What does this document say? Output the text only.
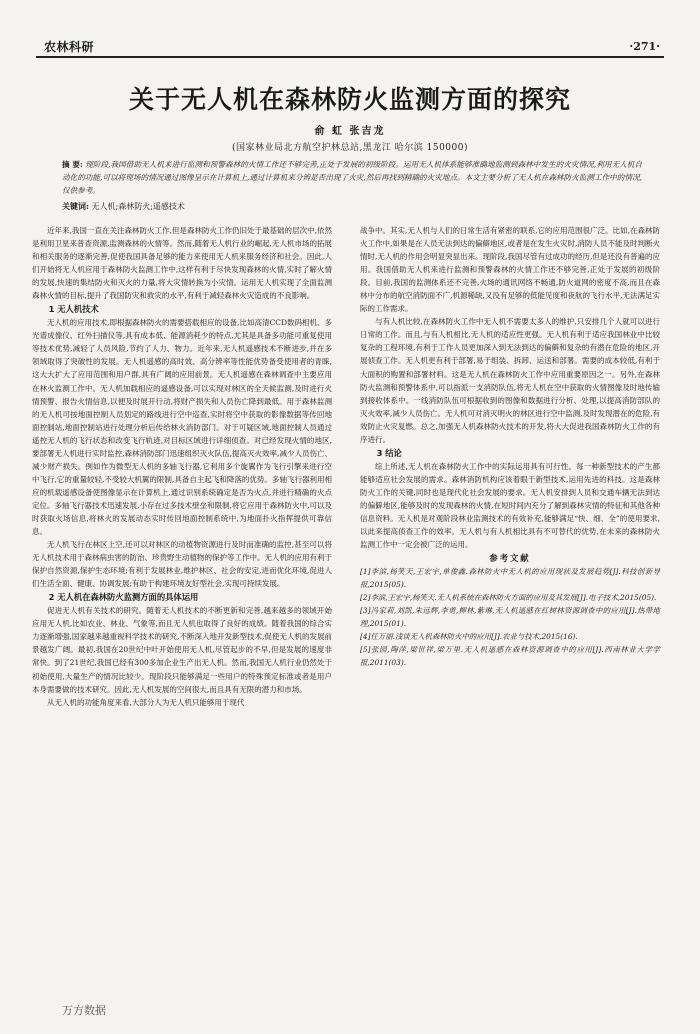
农林科研	·271·
关于无人机在森林防火监测方面的探究
俞 虹 张吉龙
(国家林业局北方航空护林总站,黑龙江 哈尔滨 150000)
摘 要: 现阶段,我国借助无人机来进行监测和预警森林的火情工作还不够完善,正处于发展的初级阶段。运用无人机体系能够准确地监测到森林中发生的火灾情况,利用无人机自动化的功能,可以将现场的情况通过图像呈示在计算机上,通过计算机来分辨是否出现了火灾,然后再找到精确的火灾地点。本文主要分析了无人机在森林防火监测工作中的情况,仅供参考。
关键词: 无人机;森林防火;遥感技术

近年来,我国一直在关注森林防火工作,但是森林防火工作仍旧处于最基础的层次中,依然是利用卫星来普查资源,监测森林的火情等。然而,随着无人机行业的崛起,无人机市场的拓展和相关服务的逐渐完善,促使我国具备足够的能力来使用无人机来服务经济和社会。因此,人们开始将无人机应用于森林防火监测工作中,这样有利于尽快发现森林的火情,实时了解火情的发展,快速的集结防火和灭火的力量,将大灾情转换为小灾情。运用无人机实现了全面监测森林火情的目标,提升了我国防灾和救灾的水平,有利于减轻森林火灾造成的不良影响。

1 无人机技术

无人机的应用技术,即根据森林防火的需要搭载相应的设备,比如高清CCD数码相机、多光谱成像仪、红外扫描仪等,具有成本低、能源消耗少的特点,尤其是具备多功能可重复使用等技术优势,减轻了人员风险,节约了人力、物力。近年来,无人机遥感技术不断进步,并在多领域取得了突破性的发展。无人机遥感的高时效、高分辨率等性能优势备受使用者的青睐,这大大扩大了应用范围和用户群,具有广阔的应用前景。无人机遥感在森林调查中主要应用在林火监测工作中。无人机加载相应的遥感设备,可以实现对林区的全天候监测,及时进行火情预警、报告火情信息,以便及时展开行动,将财产损失和人员伤亡降到最低。用于森林监测的无人机可按地面控制人员划定的路线进行空中巡查,实时将空中获取的影像数据等传回地面控制站,地面控制站进行处理分析后传给林火消防部门。对于可疑区域,地面控制人员通过遥控无人机的飞行状态和改变飞行轨迹,对目标区域进行详细侦查。对已经发现火情的地区,要部署无人机进行实时监控,森林消防部门迅速组织灭火队伍,提高灭火效率,减少人员伤亡、减少财产损失。例如作为微型无人机的多轴飞行器,它利用多个旋翼作为飞行引擎来进行空中飞行,它的重量较轻,不受较大机翼的限制,具备自主起飞和降落的优势。多轴飞行器利用相应的机载遥感设备使图像显示在计算机上,通过识别系统确定是否为火点,并进行精确的火点定位。多轴飞行器技术迅速发展,小存在过多技术壁垒和限制,将它应用于森林防火中,可以及时获取火场信息,将林火的发展动态实时传回地面控制系统中,为地面扑火指挥提供可靠信息。

无人机飞行在林区上空,还可以对林区的动植物资源进行及时而准确的监控,甚至可以将无人机技术用于森林病虫害的防治、珍贵野生动植物的保护等工作中。无人机的应用有利于保护自然资源,保护生态环境;有利于发展林业,维护林区、社会的安定,进而优化环境,促进人们生活全面、健康、协调发展;有助于构建环境友好型社会,实现可持续发展。

2 无人机在森林防火监测方面的具体运用

促进无人机有关技术的研究。随着无人机技术的不断更新和完善,越来越多的领域开始应用无人机,比如农业、林业、气象等,而且无人机也取得了良好的成绩。随着我国的综合实力逐渐增强,国家越来越重视科学技术的研究,不断深入地开发新型技术,促使无人机的发展前景越发广阔。最初,我国在20世纪中叶开始使用无人机,尽管起步的不早,但是发展的速度非常快。到了21世纪,我国已经有300多加企业生产出无人机。然而,我国无人机行业仍然处于初始使用,大量生产的情况比较少。现阶段只能够满足一些用户的特殊预定标准或者是用户本身需要做的技术研究。因此,无人机发展的空间很大,而且具有无限的潜力和市场。

从无人机的功能角度来看,大部分人为无人机只能够用于现代

战争中。其实,无人机与人们的日常生活有紧密的联系,它的应用范围很广泛。比如,在森林防火工作中,如果是在人员无法到达的偏僻地区,或者是在发生火灾时,消防人员不能及时判断火情时,无人机的作用会明显突显出来。现阶段,我国尽管有过成功的经历,但是还没有普遍的应用。我国借助无人机来进行监测和预警森林的火情工作还不够完善,正处于发展的初级阶段。目前,我国的监测体系还不完善,火场的通讯网络不畅通,防火道网的密度不高,而且在森林中分布的航空消防面不广,机源稀缺,又没有足够的低能见度和夜航的飞行水平,无法满足实际的工作需求。

与有人机比较,在森林防火工作中无人机不需要太多人的维护,只安排几个人就可以进行日常的工作。而且,与有人机相比,无人机的适应性更强。无人机有利于适应我国林业中比较复杂的工程环境,有利于工作人员更加深入到无法到达的偏僻和复杂的有潜在危险的地区,开展侦查工作。无人机更有利于部署,易于组装、拆卸、运送和部署。需要的成本较低,有利于大面积的购置和部署材料。这是无人机在森林防火工作中应用重要原因之一。另外,在森林防火监测和预警体系中,可以指派一支消防队伍,将无人机在空中获取的火情图像及时地传输到接收体系中。一线消防队伍可根据收到的图像和数据进行分析、处理,以提高消防部队的灭火效率,减少人员伤亡。无人机可对消灭明火的林区进行空中监测,及时发现潜在的危险,有效防止火灾复燃。总之,加强无人机森林防火技术的开发,将大大促进我国森林防火工作的有序进行。

3 结论

综上所述,无人机在森林防火工作中的实际运用具有可行性。每一种新型技术的产生都能够适应社会发展的需求。森林消防机构应该着眼于新型技术,运用先进的科技。这是森林防火工作的关键,同时也是现代化社会发展的要求。无人机安排到人员和交通车辆无法到达的偏僻地区,能够及时的发现森林的火情,在短时间内充分了解到森林灾情的特征和其他各种信息资料。无人机是对观阶段林业监测技术的有效补充,能够满足“快、细、全”的使用要求,以此来提高侦查工作的效率。无人机与有人机相比具有不可替代的优势,在未来的森林防火监测工作中一定会被广泛的运用。

参考文献
[1]李滨,杨笑天,王宏宇,单俊鑫.森林防火中无人机的应用现状及发展趋势[J].科技创新导报,2015(05).
[2]李滨,王宏宇,杨笑天.无人机系统在森林防火方面的应用及其发展[J].电子技术,2015(05).
[3]冯家莉,刘凯,朱远辉,李勇,柳林,紫琳.无人机遥感在红树林资源调查中的应用[J].热带地理,2015(01).
[4]任万丽.浅谈无人机森林防火中的应用[J].农业与技术,2015(16).
[5]张园,陶萍,梁世祥,梁万里.无人机遥感在森林资源调查中的应用[J].西南林业大学学报,2011(03).
万方数据
